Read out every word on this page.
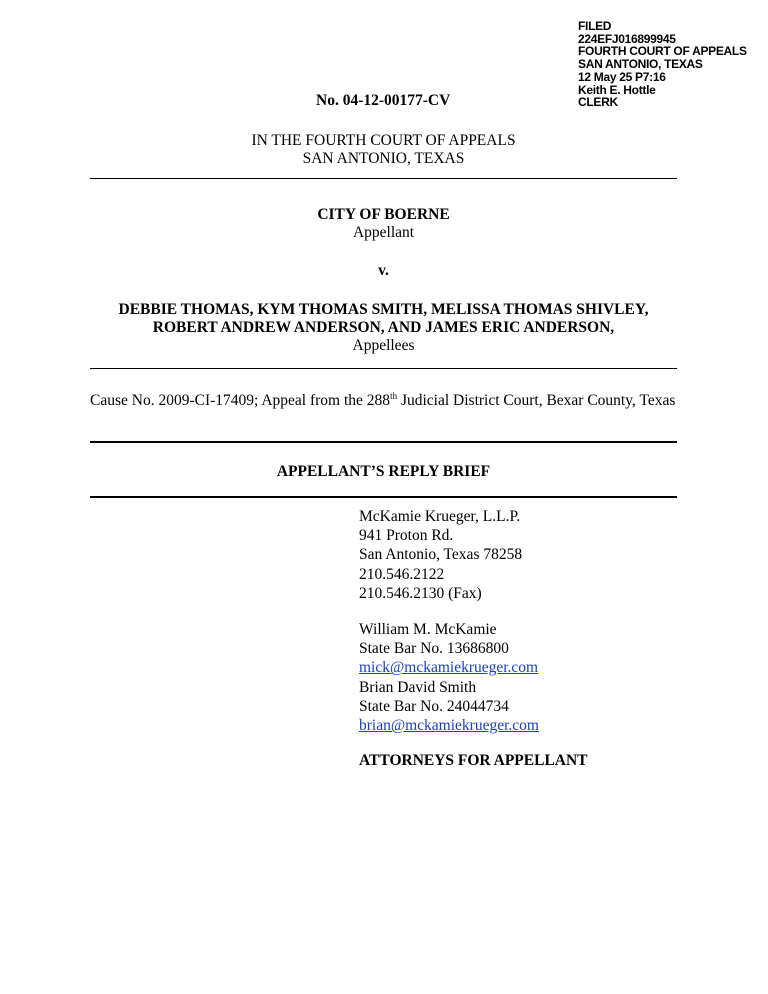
FILED
224EFJ016899945
FOURTH COURT OF APPEALS
SAN ANTONIO, TEXAS
12 May 25 P7:16
Keith E. Hottle
CLERK
No. 04-12-00177-CV
IN THE FOURTH COURT OF APPEALS
SAN ANTONIO, TEXAS
CITY OF BOERNE
Appellant
v.
DEBBIE THOMAS, KYM THOMAS SMITH, MELISSA THOMAS SHIVLEY,
ROBERT ANDREW ANDERSON, AND JAMES ERIC ANDERSON,
Appellees
Cause No. 2009-CI-17409; Appeal from the 288th Judicial District Court, Bexar County, Texas
APPELLANT’S REPLY BRIEF
McKamie Krueger, L.L.P.
941 Proton Rd.
San Antonio, Texas 78258
210.546.2122
210.546.2130 (Fax)
William M. McKamie
State Bar No. 13686800
mick@mckamiekrueger.com
Brian David Smith
State Bar No. 24044734
brian@mckamiekrueger.com
ATTORNEYS FOR APPELLANT
